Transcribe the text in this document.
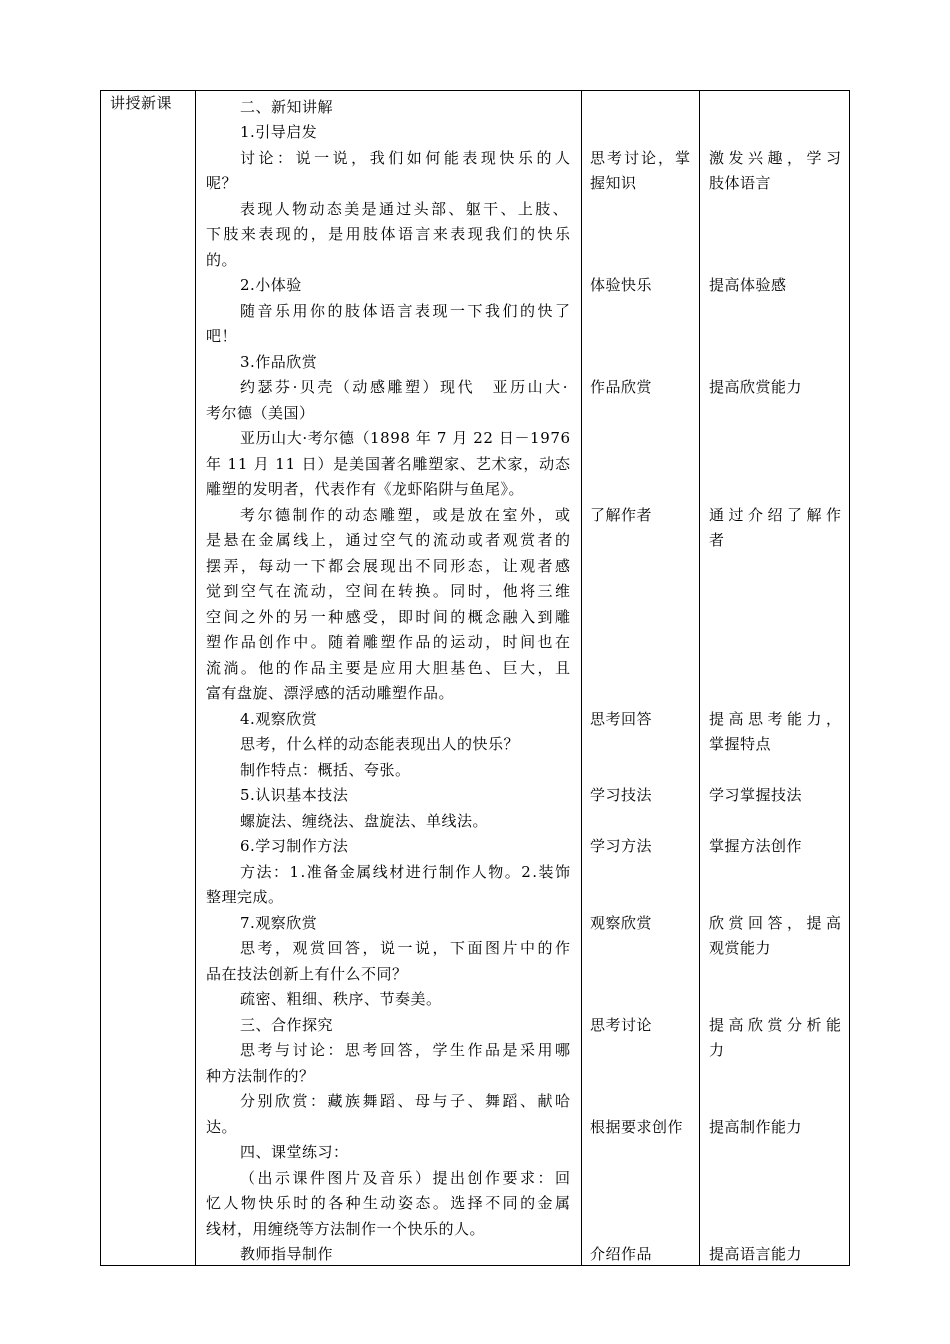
讲授新课	二、新知讲解
1.引导启发
讨论：说一说，我们如何能表现快乐的人
呢？
表现人物动态美是通过头部、躯干、上肢、
下肢来表现的，是用肢体语言来表现我们的快乐
的。
2.小体验
随音乐用你的肢体语言表现一下我们的快了
吧！
3.作品欣赏
约瑟芬·贝壳（动感雕塑）现代　亚历山大·
考尔德（美国）
亚历山大·考尔德（1898 年 7 月 22 日－1976
年 11 月 11 日）是美国著名雕塑家、艺术家，动态
雕塑的发明者，代表作有《龙虾陷阱与鱼尾》。
考尔德制作的动态雕塑，或是放在室外，或
是悬在金属线上，通过空气的流动或者观赏者的
摆弄，每动一下都会展现出不同形态，让观者感
觉到空气在流动，空间在转换。同时，他将三维
空间之外的另一种感受，即时间的概念融入到雕
塑作品创作中。随着雕塑作品的运动，时间也在
流淌。他的作品主要是应用大胆基色、巨大，且
富有盘旋、漂浮感的活动雕塑作品。
4.观察欣赏
思考，什么样的动态能表现出人的快乐？
制作特点：概括、夸张。
5.认识基本技法
螺旋法、缠绕法、盘旋法、单线法。
6.学习制作方法
方法：1.准备金属线材进行制作人物。2.装饰
整理完成。
7.观察欣赏
思考，观赏回答，说一说，下面图片中的作
品在技法创新上有什么不同？
疏密、粗细、秩序、节奏美。
三、合作探究
思考与讨论：思考回答，学生作品是采用哪
种方法制作的？
分别欣赏：藏族舞蹈、母与子、舞蹈、献哈
达。
四、课堂练习：
（出示课件图片及音乐）提出创作要求：回
忆人物快乐时的各种生动姿态。选择不同的金属
线材，用缠绕等方法制作一个快乐的人。
教师指导制作
思考讨论，掌
握知识
体验快乐
作品欣赏
了解作者
思考回答
学习技法
学习方法
观察欣赏
思考讨论
根据要求创作
介绍作品
激发兴趣，学习
肢体语言
提高体验感
提高欣赏能力
通过介绍了解作
者
提高思考能力，
掌握特点
学习掌握技法
掌握方法创作
欣赏回答，提高
观赏能力
提高欣赏分析能
力
提高制作能力
提高语言能力
